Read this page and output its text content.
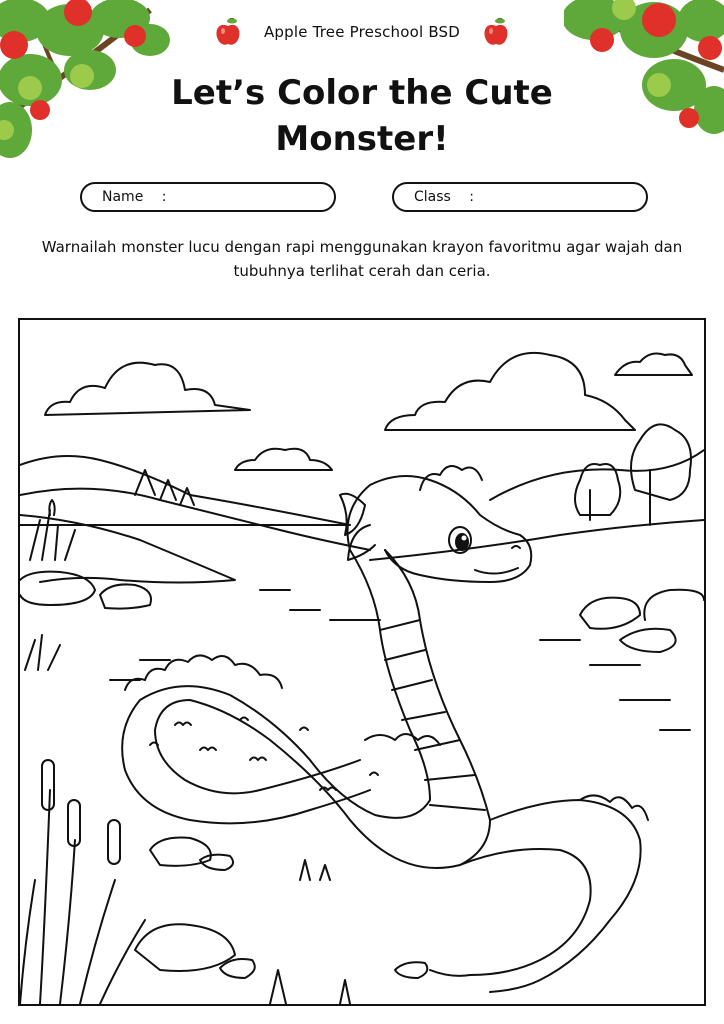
Apple Tree Preschool BSD
Let’s Color the Cute Monster!
Name :	Class :
Warnailah monster lucu dengan rapi menggunakan krayon favoritmu agar wajah dan tubuhnya terlihat cerah dan ceria.
